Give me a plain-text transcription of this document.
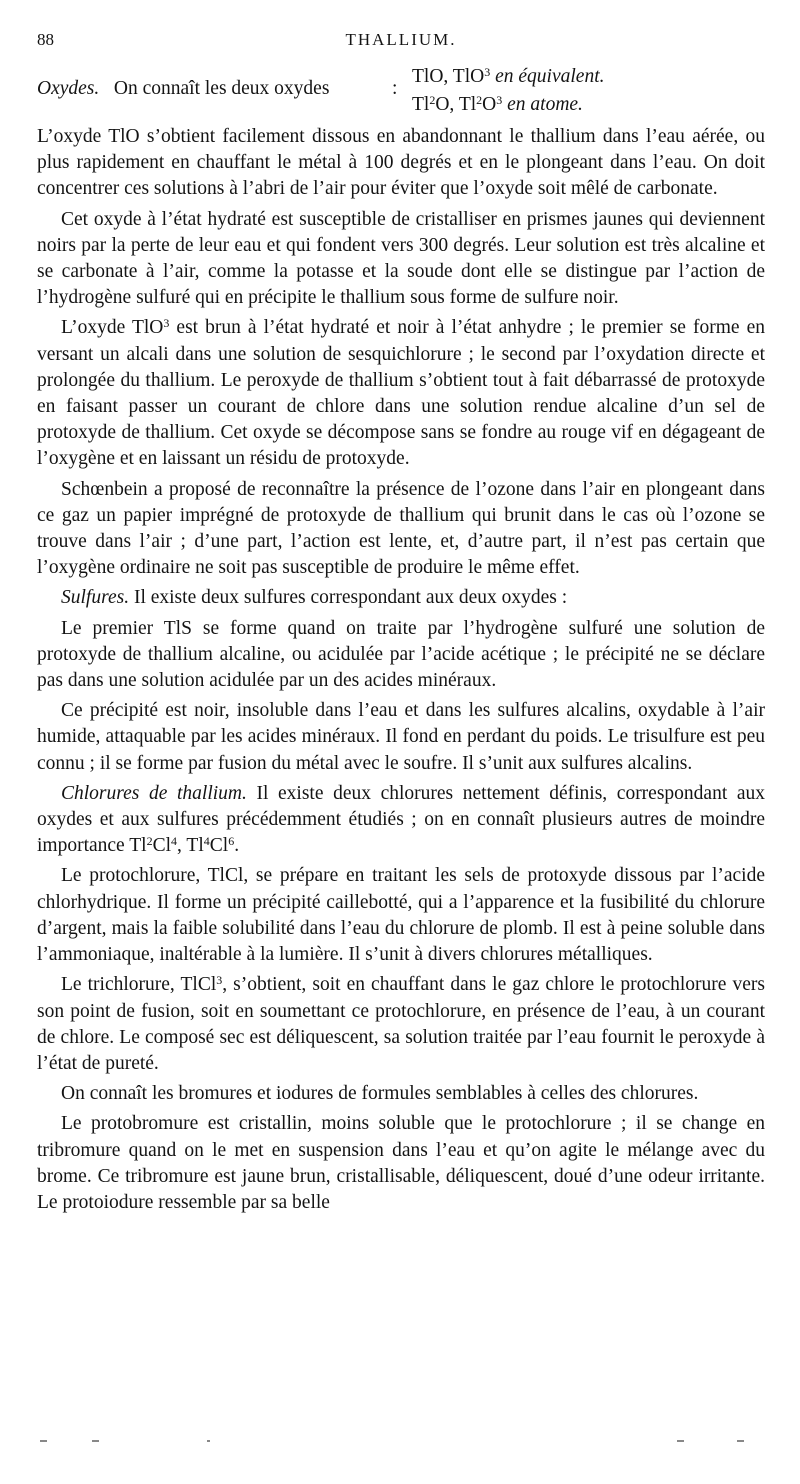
88	THALLIUM.
Oxydes. On connaît les deux oxydes	:
TlO, TlO$^3$ en équivalent.
Tl$^2$O, $Tl^2O^3$ en atome.

L’oxyde TlO s’obtient facilement dissous en abandonnant le thallium dans l’eau aérée, ou plus rapidement en chauffant le métal à 100 degrés et en le plongeant dans l’eau. On doit concentrer ces solutions à l’abri de l’air pour éviter que l’oxyde soit mêlé de carbonate.

Cet oxyde à l’état hydraté est susceptible de cristalliser en prismes jaunes qui deviennent noirs par la perte de leur eau et qui fondent vers 300 degrés. Leur solution est très alcaline et se carbonate à l’air, comme la potasse et la soude dont elle se distingue par l’action de l’hydrogène sulfuré qui en précipite le thallium sous forme de sulfure noir.

L’oxyde TlO$^3$ est brun à l’état hydraté et noir à l’état anhydre ; le premier se forme en versant un alcali dans une solution de sesquichlorure ; le second par l’oxydation directe et prolongée du thallium. Le peroxyde de thallium s’obtient tout à fait débarrassé de protoxyde en faisant passer un courant de chlore dans une solution rendue alcaline d’un sel de protoxyde de thallium. Cet oxyde se décompose sans se fondre au rouge vif en dégageant de l’oxygène et en laissant un résidu de protoxyde.

Schœnbein a proposé de reconnaître la présence de l’ozone dans l’air en plongeant dans ce gaz un papier imprégné de protoxyde de thallium qui brunit dans le cas où l’ozone se trouve dans l’air ; d’une part, l’action est lente, et, d’autre part, il n’est pas certain que l’oxygène ordinaire ne soit pas susceptible de produire le même effet.

Sulfures. Il existe deux sulfures correspondant aux deux oxydes :

Le premier TlS se forme quand on traite par l’hydrogène sulfuré une solution de protoxyde de thallium alcaline, ou acidulée par l’acide acétique ; le précipité ne se déclare pas dans une solution acidulée par un des acides minéraux.

Ce précipité est noir, insoluble dans l’eau et dans les sulfures alcalins, oxydable à l’air humide, attaquable par les acides minéraux. Il fond en perdant du poids. Le trisulfure est peu connu ; il se forme par fusion du métal avec le soufre. Il s’unit aux sulfures alcalins.

Chlorures de thallium. Il existe deux chlorures nettement définis, correspondant aux oxydes et aux sulfures précédemment étudiés ; on en connaît plusieurs autres de moindre importance Tl$^2$Cl$^4$, Tl$^4$Cl$^6$.

Le protochlorure, TlCl, se prépare en traitant les sels de protoxyde dissous par l’acide chlorhydrique. Il forme un précipité caillebotté, qui a l’apparence et la fusibilité du chlorure d’argent, mais la faible solubilité dans l’eau du chlorure de plomb. Il est à peine soluble dans l’ammoniaque, inaltérable à la lumière. Il s’unit à divers chlorures métalliques.

Le trichlorure, TlCl$^3$, s’obtient, soit en chauffant dans le gaz chlore le protochlorure vers son point de fusion, soit en soumettant ce protochlorure, en présence de l’eau, à un courant de chlore. Le composé sec est déliquescent, sa solution traitée par l’eau fournit le peroxyde à l’état de pureté.

On connaît les bromures et iodures de formules semblables à celles des chlorures.

Le protobromure est cristallin, moins soluble que le protochlorure ; il se change en tribromure quand on le met en suspension dans l’eau et qu’on agite le mélange avec du brome. Ce tribromure est jaune brun, cristallisable, déliquescent, doué d’une odeur irritante. Le protoiodure ressemble par sa belle
